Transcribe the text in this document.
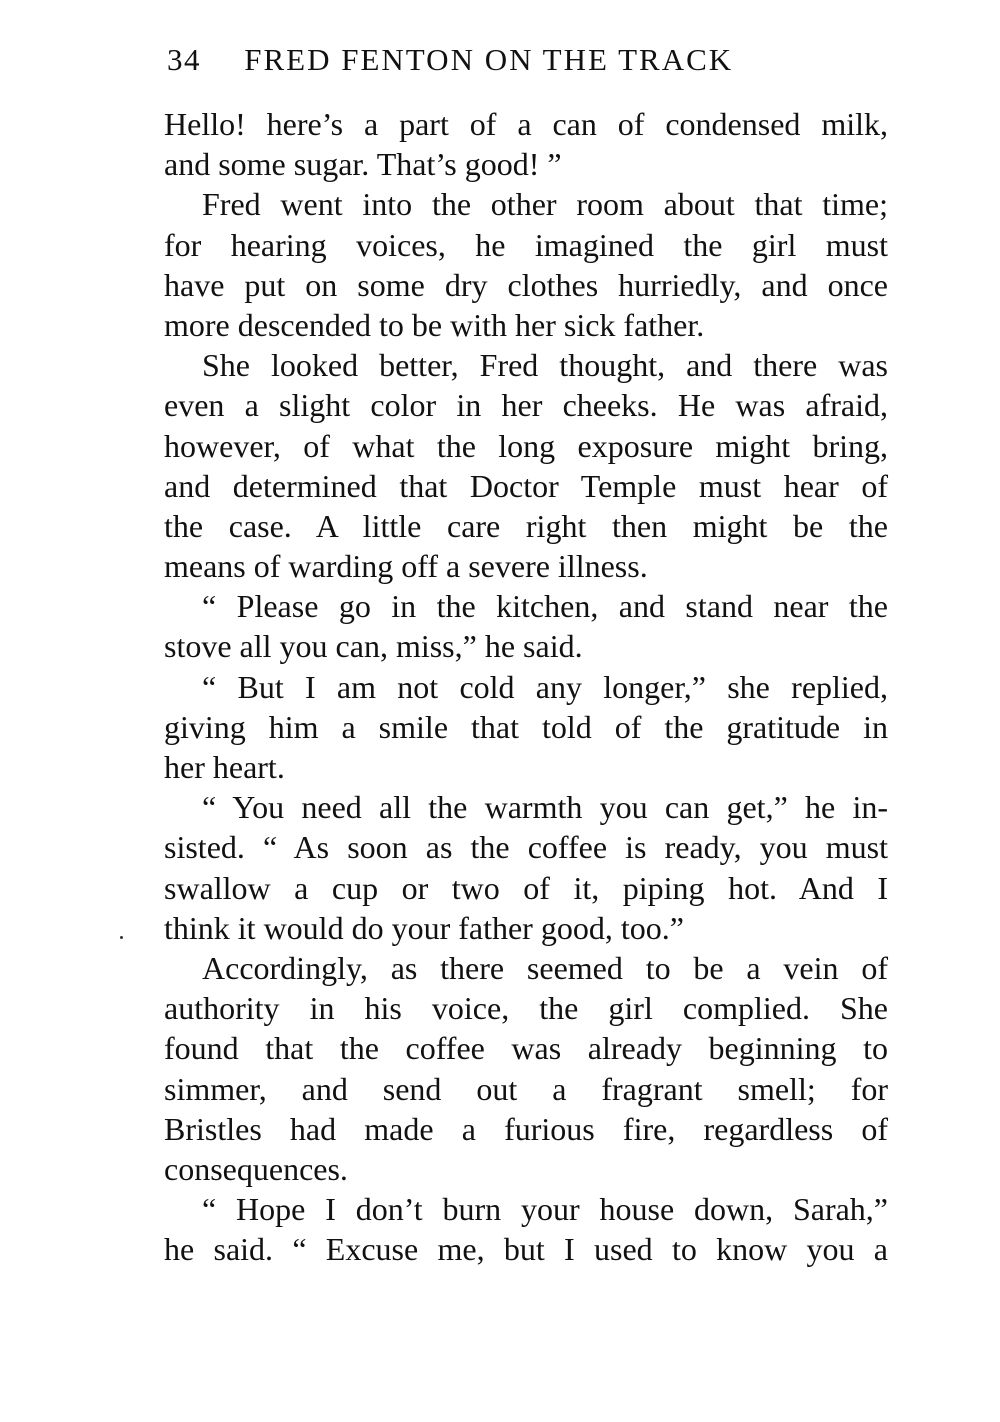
34 FRED FENTON ON THE TRACK
Hello! here’s a part of a can of condensed milk,
and some sugar. That’s good! ”
Fred went into the other room about that time;
for hearing voices, he imagined the girl must
have put on some dry clothes hurriedly, and once
more descended to be with her sick father.
She looked better, Fred thought, and there was
even a slight color in her cheeks. He was afraid,
however, of what the long exposure might bring,
and determined that Doctor Temple must hear of
the case. A little care right then might be the
means of warding off a severe illness.
“ Please go in the kitchen, and stand near the
stove all you can, miss,” he said.
“ But I am not cold any longer,” she replied,
giving him a smile that told of the gratitude in
her heart.
“ You need all the warmth you can get,” he in-
sisted. “ As soon as the coffee is ready, you must
swallow a cup or two of it, piping hot. And I
think it would do your father good, too.”
Accordingly, as there seemed to be a vein of
authority in his voice, the girl complied. She
found that the coffee was already beginning to
simmer, and send out a fragrant smell; for
Bristles had made a furious fire, regardless of
consequences.
“ Hope I don’t burn your house down, Sarah,”
he said. “ Excuse me, but I used to know you a
